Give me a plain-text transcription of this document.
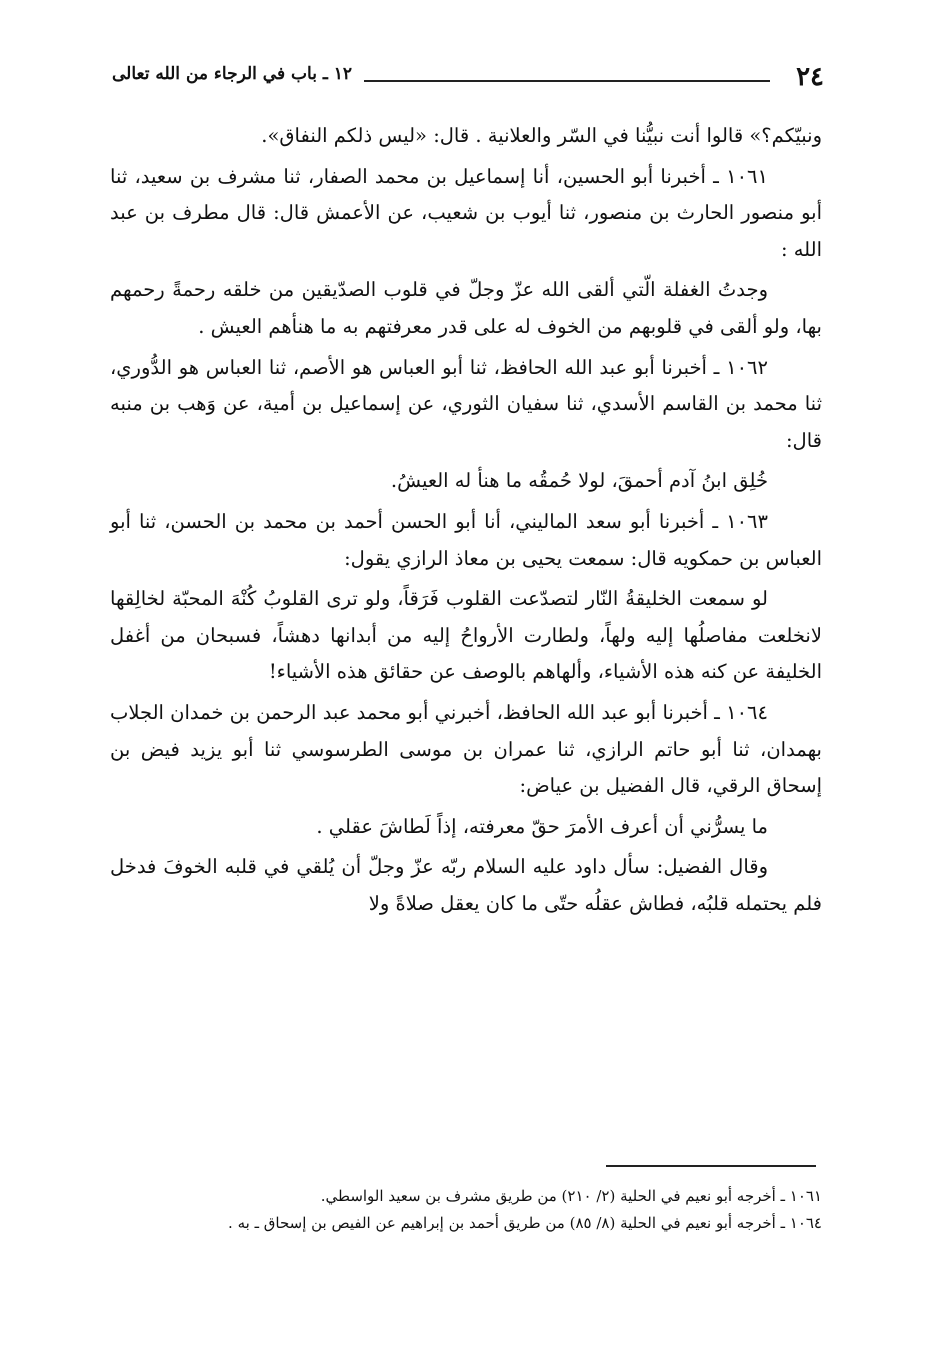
٢٤
١٢ ـ باب في الرجاء من الله تعالى

ونبيّكم؟» قالوا أنت نبيُّنا في السّر والعلانية . قال: «ليس ذلكم النفاق».

١٠٦١ ـ أخبرنا أبو الحسين، أنا إسماعيل بن محمد الصفار، ثنا مشرف بن سعيد، ثنا أبو منصور الحارث بن منصور، ثنا أيوب بن شعيب، عن الأعمش قال: قال مطرف بن عبد الله :

وجدتُ الغفلة الّتي ألقى الله عزّ وجلّ في قلوب الصدّيقين من خلقه رحمةً رحمهم بها، ولو ألقى في قلوبهم من الخوف له على قدر معرفتهم به ما هنأهم العيش .

١٠٦٢ ـ أخبرنا أبو عبد الله الحافظ، ثنا أبو العباس هو الأصم، ثنا العباس هو الدُّوري، ثنا محمد بن القاسم الأسدي، ثنا سفيان الثوري، عن إسماعيل بن أمية، عن وَهب بن منبه قال:

خُلِق ابنُ آدم أحمقَ، لولا حُمقُه ما هنأ له العيشُ.

١٠٦٣ ـ أخبرنا أبو سعد الماليني، أنا أبو الحسن أحمد بن محمد بن الحسن، ثنا أبو العباس بن حمكويه قال: سمعت يحيى بن معاذ الرازي يقول:

لو سمعت الخليقةُ النّار لتصدّعت القلوب فَرَقاً، ولو ترى القلوبُ كُنْهَ المحبّة لخالِقها لانخلعت مفاصلُها إليه ولهاً، ولطارت الأرواحُ إليه من أبدانها دهشاً، فسبحان من أغفل الخليفة عن كنه هذه الأشياء، وألهاهم بالوصف عن حقائق هذه الأشياء!

١٠٦٤ ـ أخبرنا أبو عبد الله الحافظ، أخبرني أبو محمد عبد الرحمن بن خمدان الجلاب بهمدان، ثنا أبو حاتم الرازي، ثنا عمران بن موسى الطرسوسي ثنا أبو يزيد فيض بن إسحاق الرقي، قال الفضيل بن عياض:

ما يسرُّني أن أعرف الأمرَ حقّ معرفته، إذاً لَطاشَ عقلي .

وقال الفضيل: سأل داود عليه السلام ربّه عزّ وجلّ أن يُلقي في قلبه الخوفَ فدخل فلم يحتمله قلبُه، فطاش عقلُه حتّى ما كان يعقل صلاةً ولا

١٠٦١ ـ أخرجه أبو نعيم في الحلية (٢/ ٢١٠) من طريق مشرف بن سعيد الواسطي.

١٠٦٤ ـ أخرجه أبو نعيم في الحلية (٨/ ٨٥) من طريق أحمد بن إبراهيم عن الفيص بن إسحاق ـ به .
